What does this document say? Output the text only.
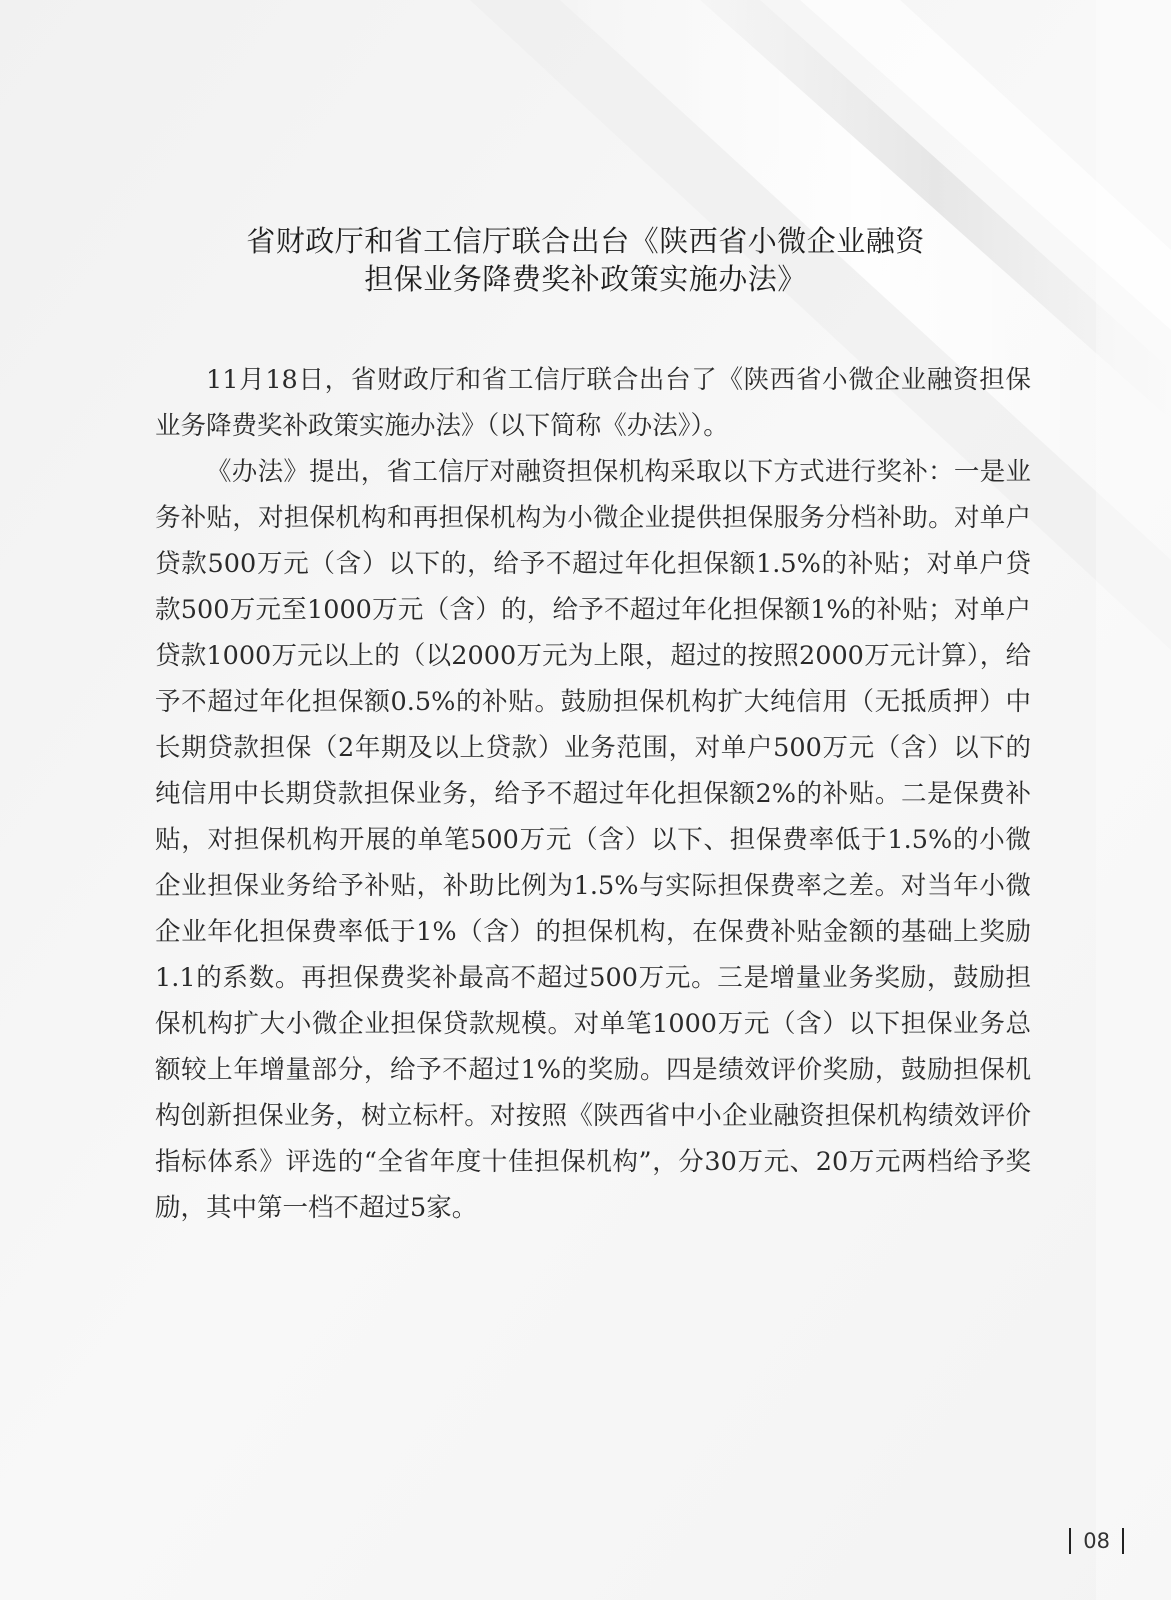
省财政厅和省工信厅联合出台《陕西省小微企业融资
担保业务降费奖补政策实施办法》

11月18日，省财政厅和省工信厅联合出台了《陕西省小微企业融资担保业务降费奖补政策实施办法》（以下简称《办法》）。

《办法》提出，省工信厅对融资担保机构采取以下方式进行奖补：一是业务补贴，对担保机构和再担保机构为小微企业提供担保服务分档补助。对单户贷款500万元（含）以下的，给予不超过年化担保额1.5%的补贴；对单户贷款500万元至1000万元（含）的，给予不超过年化担保额1%的补贴；对单户贷款1000万元以上的（以2000万元为上限，超过的按照2000万元计算），给予不超过年化担保额0.5%的补贴。鼓励担保机构扩大纯信用（无抵质押）中长期贷款担保（2年期及以上贷款）业务范围，对单户500万元（含）以下的纯信用中长期贷款担保业务，给予不超过年化担保额2%的补贴。二是保费补贴，对担保机构开展的单笔500万元（含）以下、担保费率低于1.5%的小微企业担保业务给予补贴，补助比例为1.5%与实际担保费率之差。对当年小微企业年化担保费率低于1%（含）的担保机构，在保费补贴金额的基础上奖励1.1的系数。再担保费奖补最高不超过500万元。三是增量业务奖励，鼓励担保机构扩大小微企业担保贷款规模。对单笔1000万元（含）以下担保业务总额较上年增量部分，给予不超过1%的奖励。四是绩效评价奖励，鼓励担保机构创新担保业务，树立标杆。对按照《陕西省中小企业融资担保机构绩效评价指标体系》评选的“全省年度十佳担保机构”，分30万元、20万元两档给予奖励，其中第一档不超过5家。

08
